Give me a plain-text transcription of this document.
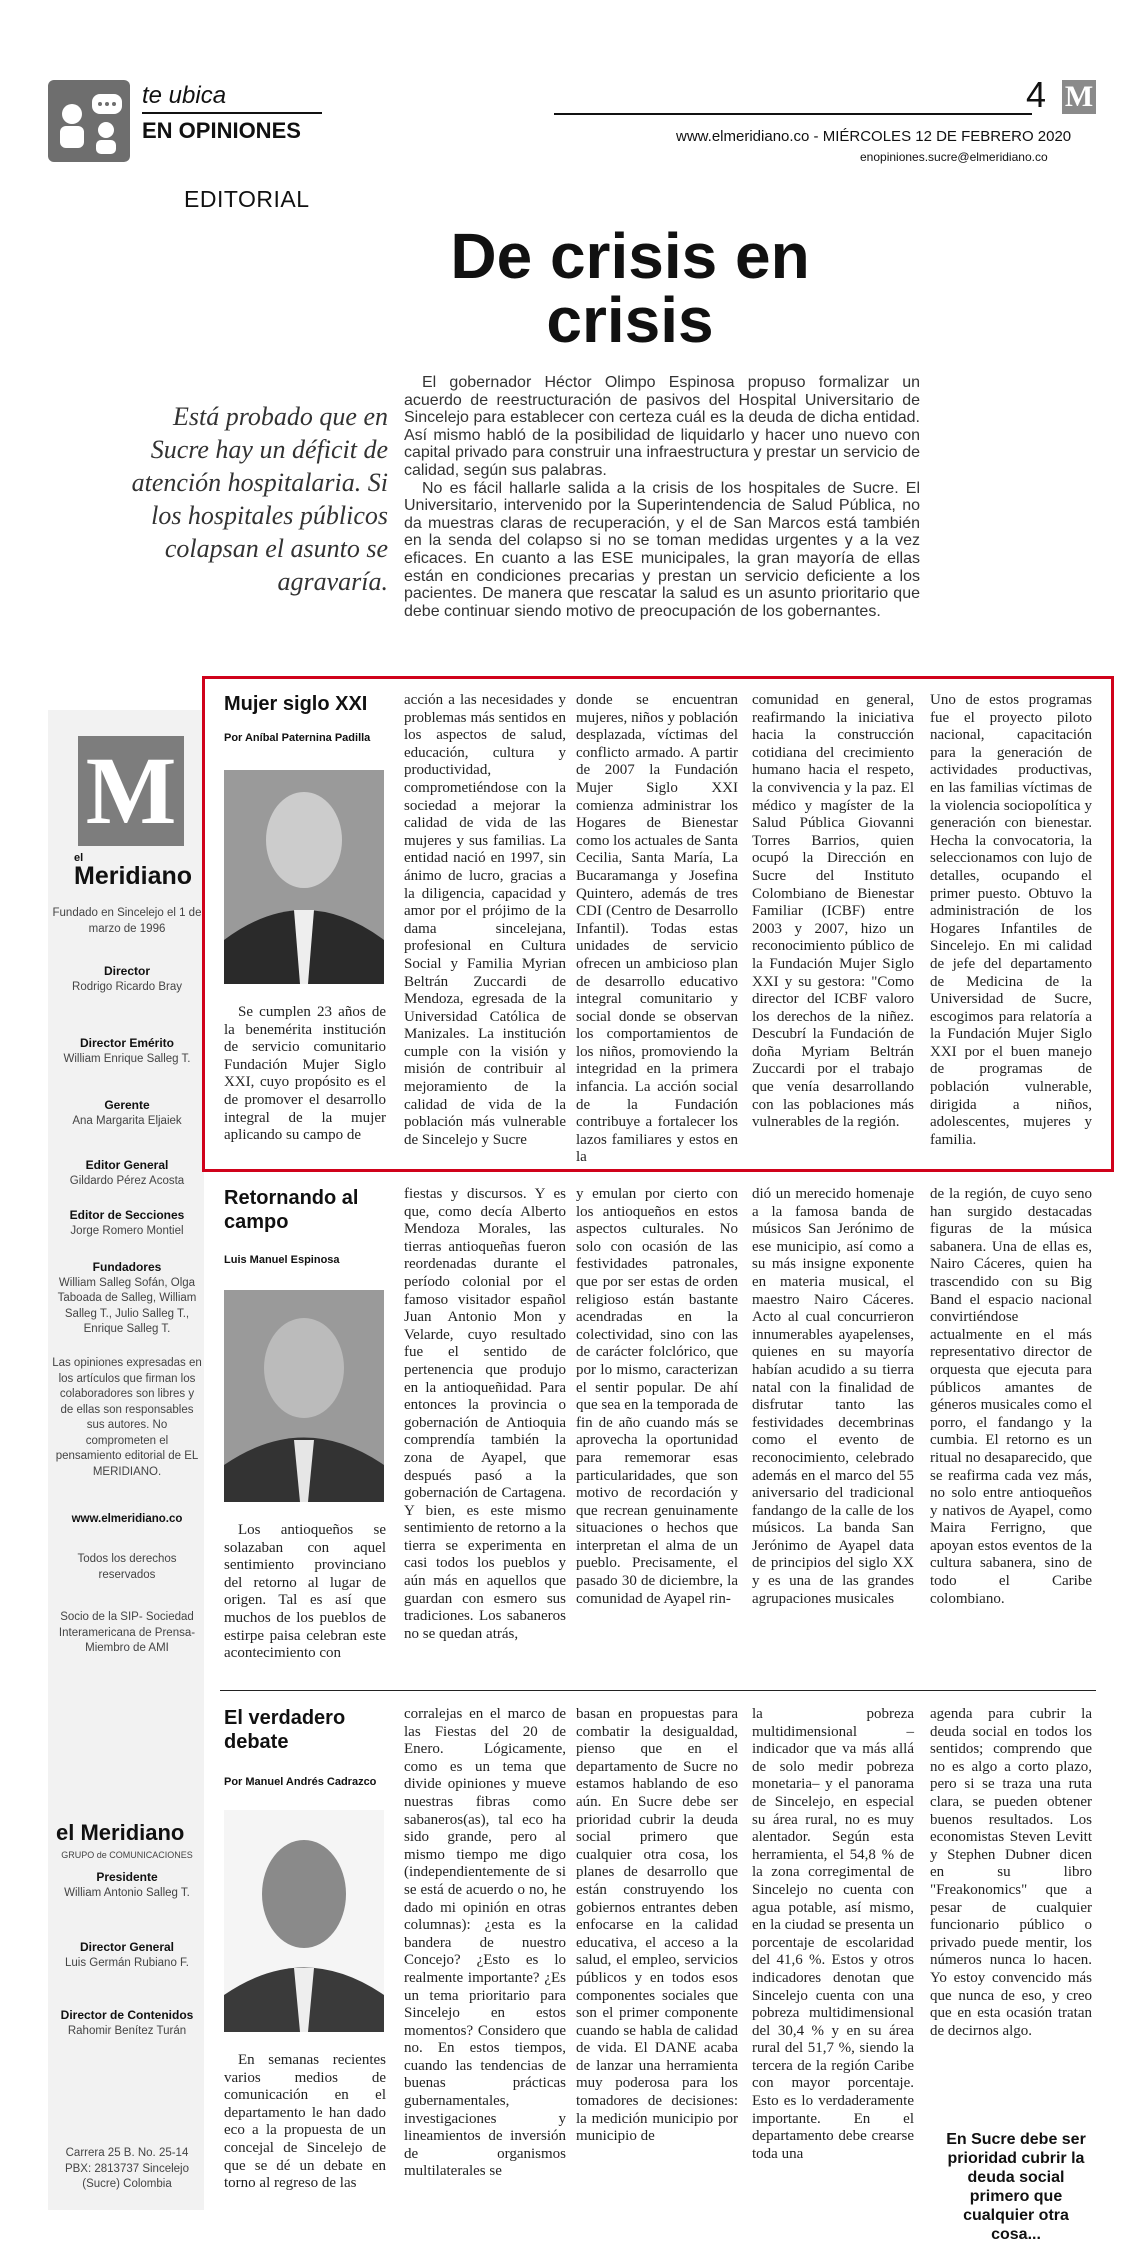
te ubica
EN OPINIONES
4 M
www.elmeridiano.co - MIÉRCOLES 12 DE FEBRERO 2020
enopiniones.sucre@elmeridiano.co
EDITORIAL
De crisis en crisis
Está probado que en Sucre hay un déficit de atención hospitalaria. Si los hospitales públicos colapsan el asunto se agravaría.

El gobernador Héctor Olimpo Espinosa propuso formalizar un acuerdo de reestructuración de pasivos del Hospital Universitario de Sincelejo para establecer con certeza cuál es la deuda de dicha entidad. Así mismo habló de la posibilidad de liquidarlo y hacer uno nuevo con capital privado para construir una infraestructura y prestar un servicio de calidad, según sus palabras.

No es fácil hallarle salida a la crisis de los hospitales de Sucre. El Universitario, intervenido por la Superintendencia de Salud Pública, no da muestras claras de recuperación, y el de San Marcos está también en la senda del colapso si no se toman medidas urgentes y a la vez eficaces. En cuanto a las ESE municipales, la gran mayoría de ellas están en condiciones precarias y prestan un servicio deficiente a los pacientes. De manera que rescatar la salud es un asunto prioritario que debe continuar siendo motivo de preocupación de los gobernantes.

M
el
Meridiano
Fundado en Sincelejo el 1 de marzo de 1996
Director
Rodrigo Ricardo Bray
Director Emérito
William Enrique Salleg T.
Gerente
Ana Margarita Eljaiek
Editor General
Gildardo Pérez Acosta
Editor de Secciones
Jorge Romero Montiel
Fundadores
William Salleg Sofán, Olga Taboada de Salleg, William Salleg T., Julio Salleg T., Enrique Salleg T.
Las opiniones expresadas en los artículos que firman los colaboradores son libres y de ellas son responsables sus autores. No comprometen el pensamiento editorial de EL MERIDIANO.
www.elmeridiano.co
Todos los derechos reservados
Socio de la SIP- Sociedad Interamericana de Prensa- Miembro de AMI
el Meridiano
GRUPO de COMUNICACIONES
Presidente
William Antonio Salleg T.
Director General
Luis Germán Rubiano F.
Director de Contenidos
Rahomir Benítez Turán
Carrera 25 B. No. 25-14 PBX: 2813737 Sincelejo (Sucre) Colombia
Mujer siglo XXI
Por Aníbal Paternina Padilla

Se cumplen 23 años de la benemérita institución de servicio comunitario Fundación Mujer Siglo XXI, cuyo propósito es el de promover el desarrollo integral de la mujer aplicando su campo de

acción a las necesidades y problemas más sentidos en los aspectos de salud, educación, cultura y productividad, comprometiéndose con la sociedad a mejorar la calidad de vida de las mujeres y sus familias. La entidad nació en 1997, sin ánimo de lucro, gracias a la diligencia, capacidad y amor por el prójimo de la dama sincelejana, profesional en Cultura Social y Familia Myrian Beltrán Zuccardi de Mendoza, egresada de la Universidad Católica de Manizales. La institución cumple con la visión y misión de contribuir al mejoramiento de la calidad de vida de la población más vulnerable de Sincelejo y Sucre

donde se encuentran mujeres, niños y población desplazada, víctimas del conflicto armado. A partir de 2007 la Fundación Mujer Siglo XXI comienza administrar los Hogares de Bienestar como los actuales de Santa Cecilia, Santa María, La Bucaramanga y Josefina Quintero, además de tres CDI (Centro de Desarrollo Infantil). Todas estas unidades de servicio ofrecen un ambicioso plan de desarrollo educativo integral comunitario y social donde se observan los comportamientos de los niños, promoviendo la integridad en la primera infancia. La acción social de la Fundación contribuye a fortalecer los lazos familiares y estos en la

comunidad en general, reafirmando la iniciativa hacia la construcción cotidiana del crecimiento humano hacia el respeto, la convivencia y la paz. El médico y magíster de la Salud Pública Giovanni Torres Barrios, quien ocupó la Dirección en Sucre del Instituto Colombiano de Bienestar Familiar (ICBF) entre 2003 y 2007, hizo un reconocimiento público de la Fundación Mujer Siglo XXI y su gestora: "Como director del ICBF valoro los derechos de la niñez. Descubrí la Fundación de doña Myriam Beltrán Zuccardi por el trabajo que venía desarrollando con las poblaciones más vulnerables de la región.

Uno de estos programas fue el proyecto piloto nacional, capacitación para la generación de actividades productivas, en las familias víctimas de la violencia sociopolítica y generación con bienestar. Hecha la convocatoria, la seleccionamos con lujo de detalles, ocupando el primer puesto. Obtuvo la administración de los Hogares Infantiles de Sincelejo. En mi calidad de jefe del departamento de Medicina de la Universidad de Sucre, escogimos para relatoría a la Fundación Mujer Siglo XXI por el buen manejo de programas de población vulnerable, dirigida a niños, adolescentes, mujeres y familia.

Retornando al campo
Luis Manuel Espinosa

Los antioqueños se solazaban con aquel sentimiento provinciano del retorno al lugar de origen. Tal es así que muchos de los pueblos de estirpe paisa celebran este acontecimiento con

fiestas y discursos. Y es que, como decía Alberto Mendoza Morales, las tierras antioqueñas fueron reordenadas durante el período colonial por el famoso visitador español Juan Antonio Mon y Velarde, cuyo resultado fue el sentido de pertenencia que produjo en la antioqueñidad. Para entonces la provincia o gobernación de Antioquia comprendía también la zona de Ayapel, que después pasó a la gobernación de Cartagena. Y bien, es este mismo sentimiento de retorno a la tierra se experimenta en casi todos los pueblos y aún más en aquellos que guardan con esmero sus tradiciones. Los sabaneros no se quedan atrás,

y emulan por cierto con los antioqueños en estos aspectos culturales. No solo con ocasión de las festividades patronales, que por ser estas de orden religioso están bastante acendradas en la colectividad, sino con las de carácter folclórico, que por lo mismo, caracterizan el sentir popular. De ahí que sea en la temporada de fin de año cuando más se aprovecha la oportunidad para rememorar esas particularidades, que son motivo de recordación y que recrean genuinamente situaciones o hechos que interpretan el alma de un pueblo. Precisamente, el pasado 30 de diciembre, la comunidad de Ayapel rin-

dió un merecido homenaje a la famosa banda de músicos San Jerónimo de ese municipio, así como a su más insigne exponente en materia musical, el maestro Nairo Cáceres. Acto al cual concurrieron innumerables ayapelenses, quienes en su mayoría habían acudido a su tierra natal con la finalidad de disfrutar tanto las festividades decembrinas como el evento de reconocimiento, celebrado además en el marco del 55 aniversario del tradicional fandango de la calle de los músicos. La banda San Jerónimo de Ayapel data de principios del siglo XX y es una de las grandes agrupaciones musicales

de la región, de cuyo seno han surgido destacadas figuras de la música sabanera. Una de ellas es, Nairo Cáceres, quien ha trascendido con su Big Band el espacio nacional convirtiéndose actualmente en el más representativo director de orquesta que ejecuta para públicos amantes de géneros musicales como el porro, el fandango y la cumbia. El retorno es un ritual no desaparecido, que se reafirma cada vez más, no solo entre antioqueños y nativos de Ayapel, como Maira Ferrigno, que apoyan estos eventos de la cultura sabanera, sino de todo el Caribe colombiano.

El verdadero debate
Por Manuel Andrés Cadrazco

En semanas recientes varios medios de comunicación en el departamento le han dado eco a la propuesta de un concejal de Sincelejo de que se dé un debate en torno al regreso de las

corralejas en el marco de las Fiestas del 20 de Enero. Lógicamente, como es un tema que divide opiniones y mueve nuestras fibras como sabaneros(as), tal eco ha sido grande, pero al mismo tiempo me digo (independientemente de si se está de acuerdo o no, he dado mi opinión en otras columnas): ¿esta es la bandera de nuestro Concejo? ¿Esto es lo realmente importante? ¿Es un tema prioritario para Sincelejo en estos momentos? Considero que no. En estos tiempos, cuando las tendencias de buenas prácticas gubernamentales, investigaciones y lineamientos de inversión de organismos multilaterales se

basan en propuestas para combatir la desigualdad, pienso que en el departamento de Sucre no estamos hablando de eso aún. En Sucre debe ser prioridad cubrir la deuda social primero que cualquier otra cosa, los planes de desarrollo que están construyendo los gobiernos entrantes deben enfocarse en la calidad educativa, el acceso a la salud, el empleo, servicios públicos y en todos esos componentes sociales que son el primer componente cuando se habla de calidad de vida. El DANE acaba de lanzar una herramienta muy poderosa para los tomadores de decisiones: la medición municipio por municipio de

la pobreza multidimensional –indicador que va más allá de solo medir pobreza monetaria– y el panorama de Sincelejo, en especial su área rural, no es muy alentador. Según esta herramienta, el 54,8 % de la zona corregimental de Sincelejo no cuenta con agua potable, así mismo, en la ciudad se presenta un porcentaje de escolaridad del 41,6 %. Estos y otros indicadores denotan que Sincelejo cuenta con una pobreza multidimensional del 30,4 % y en su área rural del 51,7 %, siendo la tercera de la región Caribe con mayor porcentaje. Esto es lo verdaderamente importante. En el departamento debe crearse toda una

agenda para cubrir la deuda social en todos los sentidos; comprendo que no es algo a corto plazo, pero si se traza una ruta clara, se pueden obtener buenos resultados. Los economistas Steven Levitt y Stephen Dubner dicen en su libro "Freakonomics" que a pesar de cualquier funcionario público o privado puede mentir, los números nunca lo hacen. Yo estoy convencido más que nunca de eso, y creo que en esta ocasión tratan de decirnos algo.

En Sucre debe ser prioridad cubrir la deuda social primero que cualquier otra cosa...
